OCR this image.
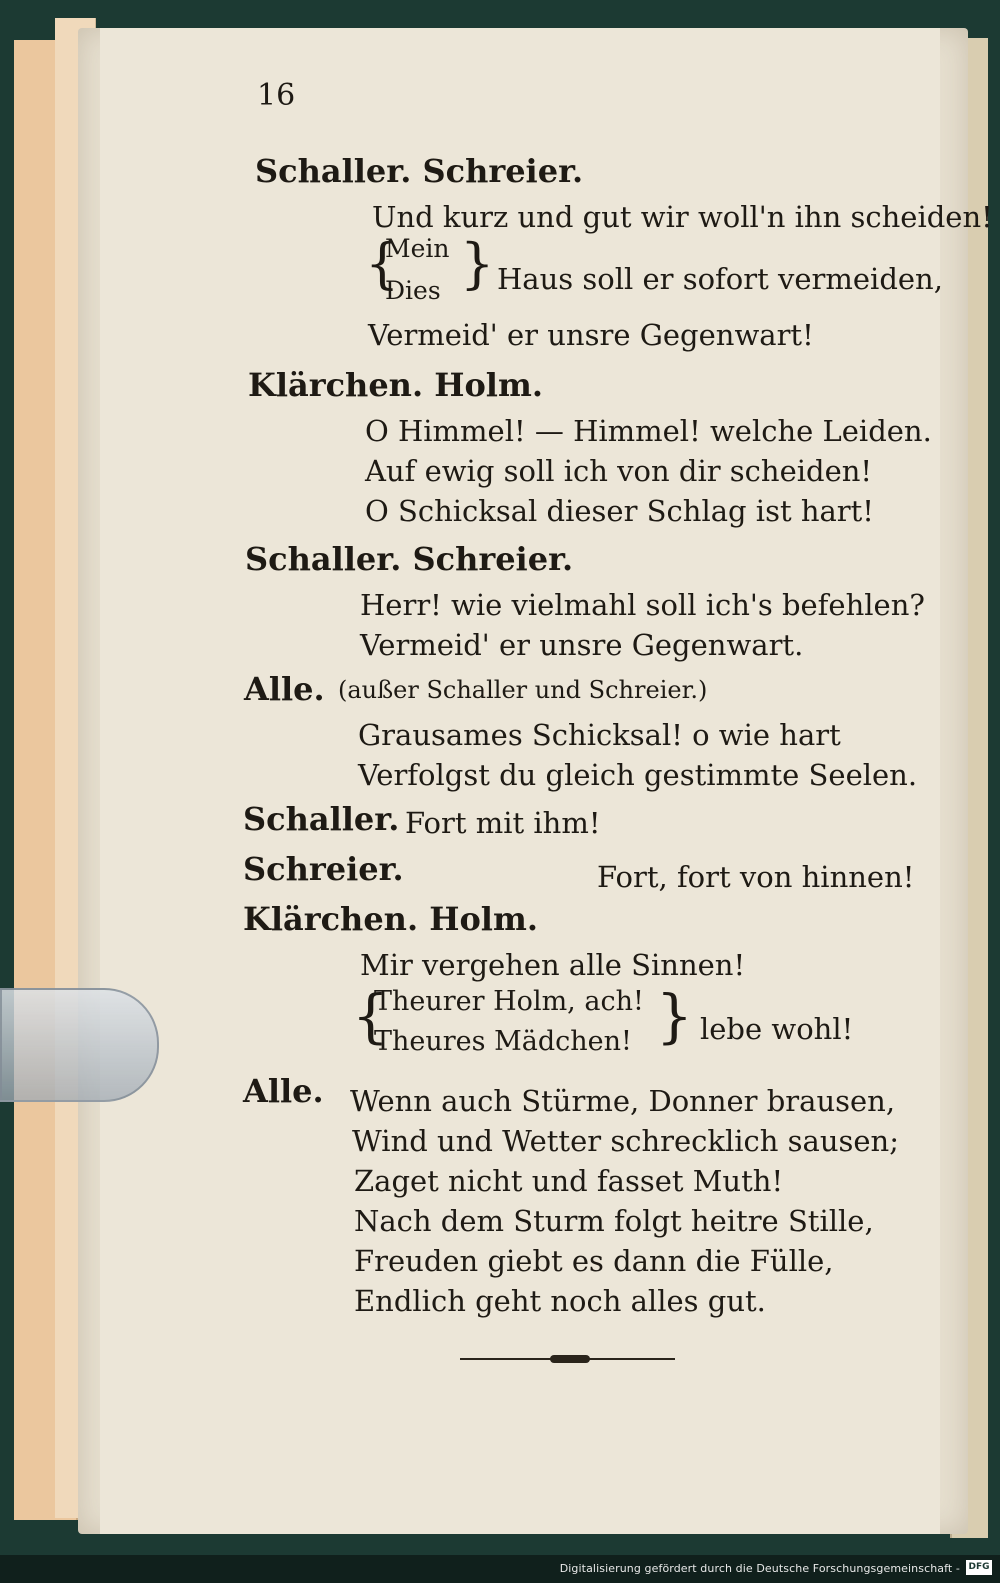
16
Schaller. Schreier.
Und kurz und gut wir woll'n ihn scheiden!
{
Mein
Dies } Haus soll er sofort vermeiden,
Vermeid' er unsre Gegenwart!
Klärchen. Holm.
O Himmel! — Himmel! welche Leiden.
Auf ewig soll ich von dir scheiden!
O Schicksal dieser Schlag ist hart!
Schaller. Schreier.
Herr! wie vielmahl soll ich's befehlen?
Vermeid' er unsre Gegenwart.
Alle. (außer Schaller und Schreier.)
Grausames Schicksal! o wie hart
Verfolgst du gleich gestimmte Seelen.
Schaller. Fort mit ihm!
Schreier.	Fort, fort von hinnen!
Klärchen. Holm.
Mir vergehen alle Sinnen!
{
Theurer Holm, ach!
Theures Mädchen! } lebe wohl!
Alle. Wenn auch Stürme, Donner brausen,
Wind und Wetter schrecklich sausen;
Zaget nicht und fasset Muth!
Nach dem Sturm folgt heitre Stille,
Freuden giebt es dann die Fülle,
Endlich geht noch alles gut.
Digitalisierung gefördert durch die Deutsche Forschungsgemeinschaft - DFG
